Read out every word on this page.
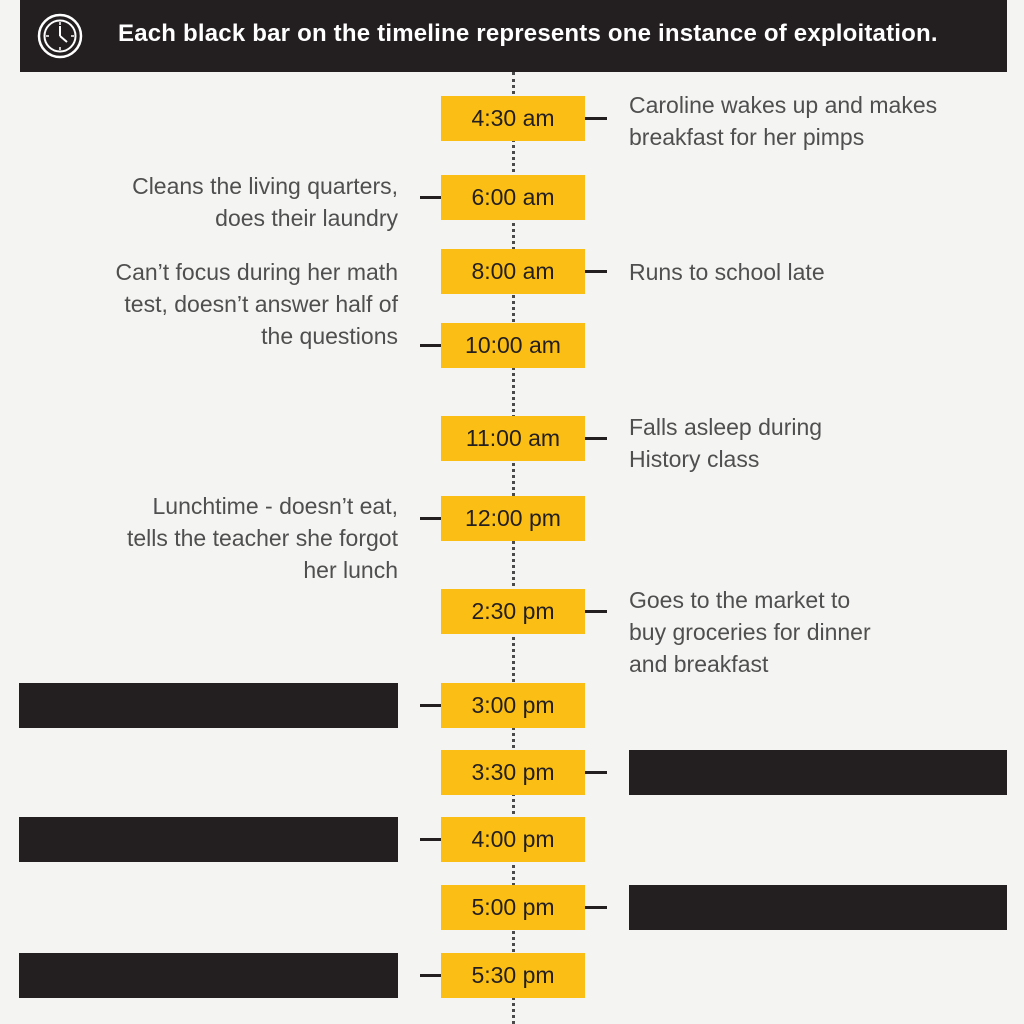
Each black bar on the timeline represents one instance of exploitation.
4:30 am
6:00 am
8:00 am
10:00 am
11:00 am
12:00 pm
2:30 pm
3:00 pm
3:30 pm
4:00 pm
5:00 pm
5:30 pm
Caroline wakes up and makes
breakfast for her pimps
Cleans the living quarters,
does their laundry
Runs to school late
Can’t focus during her math
test, doesn’t answer half of
the questions
Falls asleep during
History class
Lunchtime - doesn’t eat,
tells the teacher she forgot
her lunch
Goes to the market to
buy groceries for dinner
and breakfast
